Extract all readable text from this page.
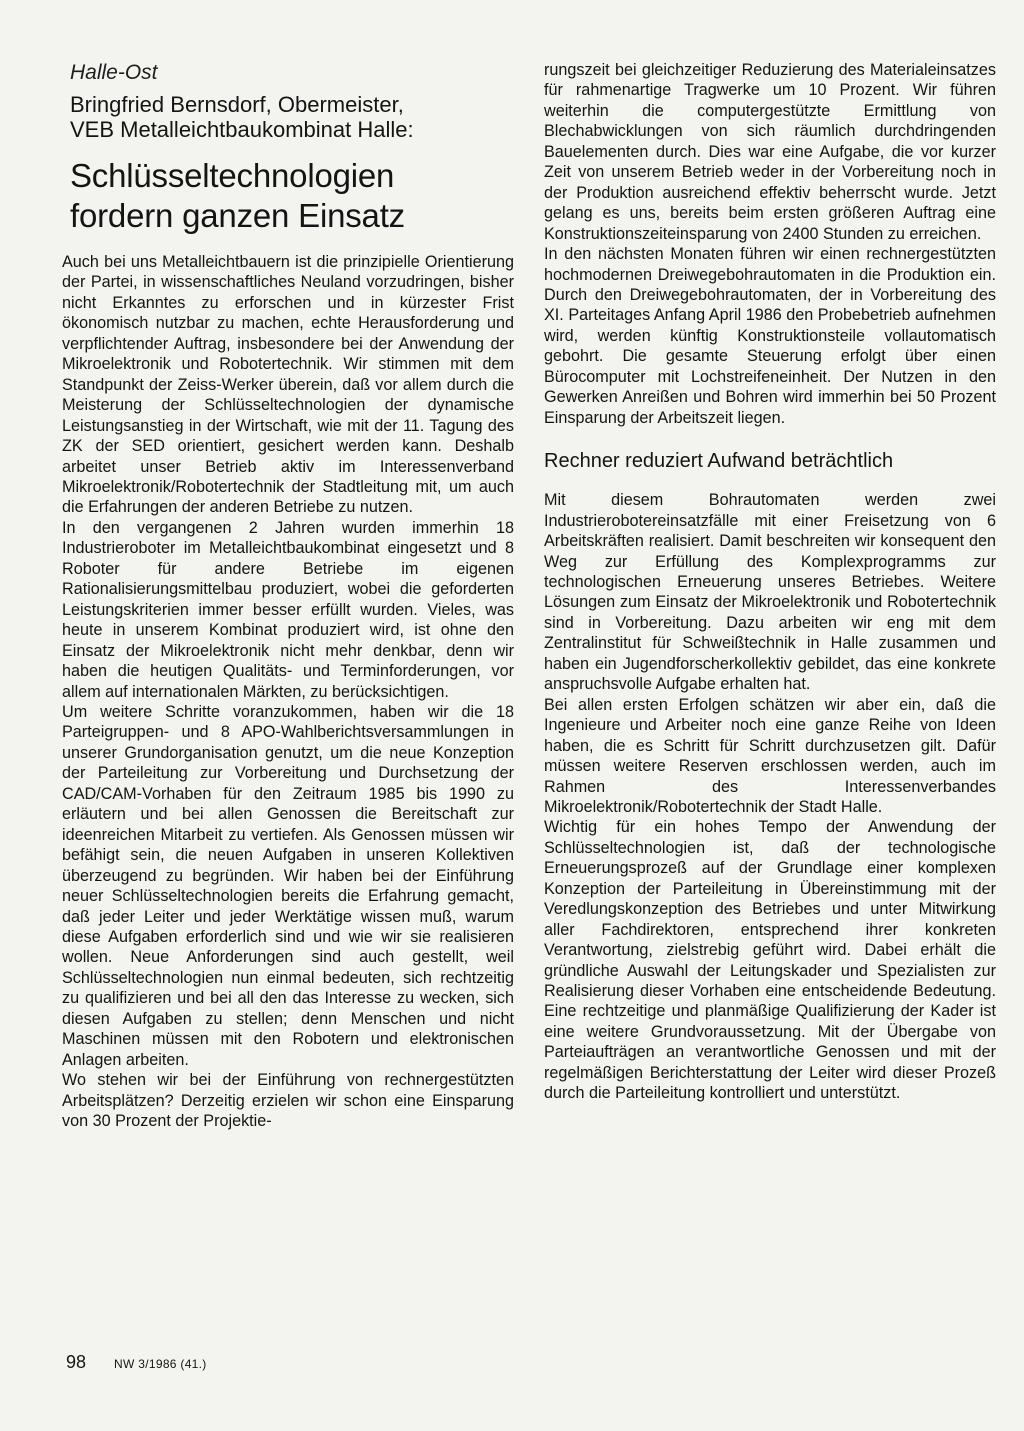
Halle-Ost
Bringfried Bernsdorf, Obermeister,
VEB Metalleichtbaukombinat Halle:
Schlüsseltechnologien
fordern ganzen Einsatz

Auch bei uns Metalleichtbauern ist die prinzipielle Orientierung der Partei, in wissenschaftliches Neuland vorzudringen, bisher nicht Erkanntes zu erforschen und in kürzester Frist ökonomisch nutzbar zu machen, echte Herausforderung und verpflichtender Auftrag, insbesondere bei der Anwendung der Mikroelektronik und Robotertechnik. Wir stimmen mit dem Standpunkt der Zeiss-Werker überein, daß vor allem durch die Meisterung der Schlüsseltechnologien der dynamische Leistungsanstieg in der Wirtschaft, wie mit der 11. Tagung des ZK der SED orientiert, gesichert werden kann. Deshalb arbeitet unser Betrieb aktiv im Interessenverband Mikroelektronik/Robotertechnik der Stadtleitung mit, um auch die Erfahrungen der anderen Betriebe zu nutzen.

In den vergangenen 2 Jahren wurden immerhin 18 Industrieroboter im Metalleichtbaukombinat eingesetzt und 8 Roboter für andere Betriebe im eigenen Rationalisierungsmittelbau produziert, wobei die geforderten Leistungskriterien immer besser erfüllt wurden. Vieles, was heute in unserem Kombinat produziert wird, ist ohne den Einsatz der Mikroelektronik nicht mehr denkbar, denn wir haben die heutigen Qualitäts- und Terminforderungen, vor allem auf internationalen Märkten, zu berücksichtigen.

Um weitere Schritte voranzukommen, haben wir die 18 Parteigruppen- und 8 APO-Wahlberichtsversammlungen in unserer Grundorganisation genutzt, um die neue Konzeption der Parteileitung zur Vorbereitung und Durchsetzung der CAD/CAM-Vorhaben für den Zeitraum 1985 bis 1990 zu erläutern und bei allen Genossen die Bereitschaft zur ideenreichen Mitarbeit zu vertiefen. Als Genossen müssen wir befähigt sein, die neuen Aufgaben in unseren Kollektiven überzeugend zu begründen. Wir haben bei der Einführung neuer Schlüsseltechnologien bereits die Erfahrung gemacht, daß jeder Leiter und jeder Werktätige wissen muß, warum diese Aufgaben erforderlich sind und wie wir sie realisieren wollen. Neue Anforderungen sind auch gestellt, weil Schlüsseltechnologien nun einmal bedeuten, sich rechtzeitig zu qualifizieren und bei all den das Interesse zu wecken, sich diesen Aufgaben zu stellen; denn Menschen und nicht Maschinen müssen mit den Robotern und elektronischen Anlagen arbeiten.

Wo stehen wir bei der Einführung von rechnergestützten Arbeitsplätzen? Derzeitig erzielen wir schon eine Einsparung von 30 Prozent der Projektie-

rungszeit bei gleichzeitiger Reduzierung des Materialeinsatzes für rahmenartige Tragwerke um 10 Prozent. Wir führen weiterhin die computergestützte Ermittlung von Blechabwicklungen von sich räumlich durchdringenden Bauelementen durch. Dies war eine Aufgabe, die vor kurzer Zeit von unserem Betrieb weder in der Vorbereitung noch in der Produktion ausreichend effektiv beherrscht wurde. Jetzt gelang es uns, bereits beim ersten größeren Auftrag eine Konstruktionszeiteinsparung von 2400 Stunden zu erreichen.

In den nächsten Monaten führen wir einen rechnergestützten hochmodernen Dreiwegebohrautomaten in die Produktion ein. Durch den Dreiwegebohrautomaten, der in Vorbereitung des XI. Parteitages Anfang April 1986 den Probebetrieb aufnehmen wird, werden künftig Konstruktionsteile vollautomatisch gebohrt. Die gesamte Steuerung erfolgt über einen Bürocomputer mit Lochstreifeneinheit. Der Nutzen in den Gewerken Anreißen und Bohren wird immerhin bei 50 Prozent Einsparung der Arbeitszeit liegen.

Rechner reduziert Aufwand beträchtlich

Mit diesem Bohrautomaten werden zwei Industrierobotereinsatzfälle mit einer Freisetzung von 6 Arbeitskräften realisiert. Damit beschreiten wir konsequent den Weg zur Erfüllung des Komplexprogramms zur technologischen Erneuerung unseres Betriebes. Weitere Lösungen zum Einsatz der Mikroelektronik und Robotertechnik sind in Vorbereitung. Dazu arbeiten wir eng mit dem Zentralinstitut für Schweißtechnik in Halle zusammen und haben ein Jugendforscherkollektiv gebildet, das eine konkrete anspruchsvolle Aufgabe erhalten hat.

Bei allen ersten Erfolgen schätzen wir aber ein, daß die Ingenieure und Arbeiter noch eine ganze Reihe von Ideen haben, die es Schritt für Schritt durchzusetzen gilt. Dafür müssen weitere Reserven erschlossen werden, auch im Rahmen des Interessenverbandes Mikroelektronik/Robotertechnik der Stadt Halle.

Wichtig für ein hohes Tempo der Anwendung der Schlüsseltechnologien ist, daß der technologische Erneuerungsprozeß auf der Grundlage einer komplexen Konzeption der Parteileitung in Übereinstimmung mit der Veredlungskonzeption des Betriebes und unter Mitwirkung aller Fachdirektoren, entsprechend ihrer konkreten Verantwortung, zielstrebig geführt wird. Dabei erhält die gründliche Auswahl der Leitungskader und Spezialisten zur Realisierung dieser Vorhaben eine entscheidende Bedeutung. Eine rechtzeitige und planmäßige Qualifizierung der Kader ist eine weitere Grundvoraussetzung. Mit der Übergabe von Parteiaufträgen an verantwortliche Genossen und mit der regelmäßigen Berichterstattung der Leiter wird dieser Prozeß durch die Parteileitung kontrolliert und unterstützt.

98 NW 3/1986 (41.)
